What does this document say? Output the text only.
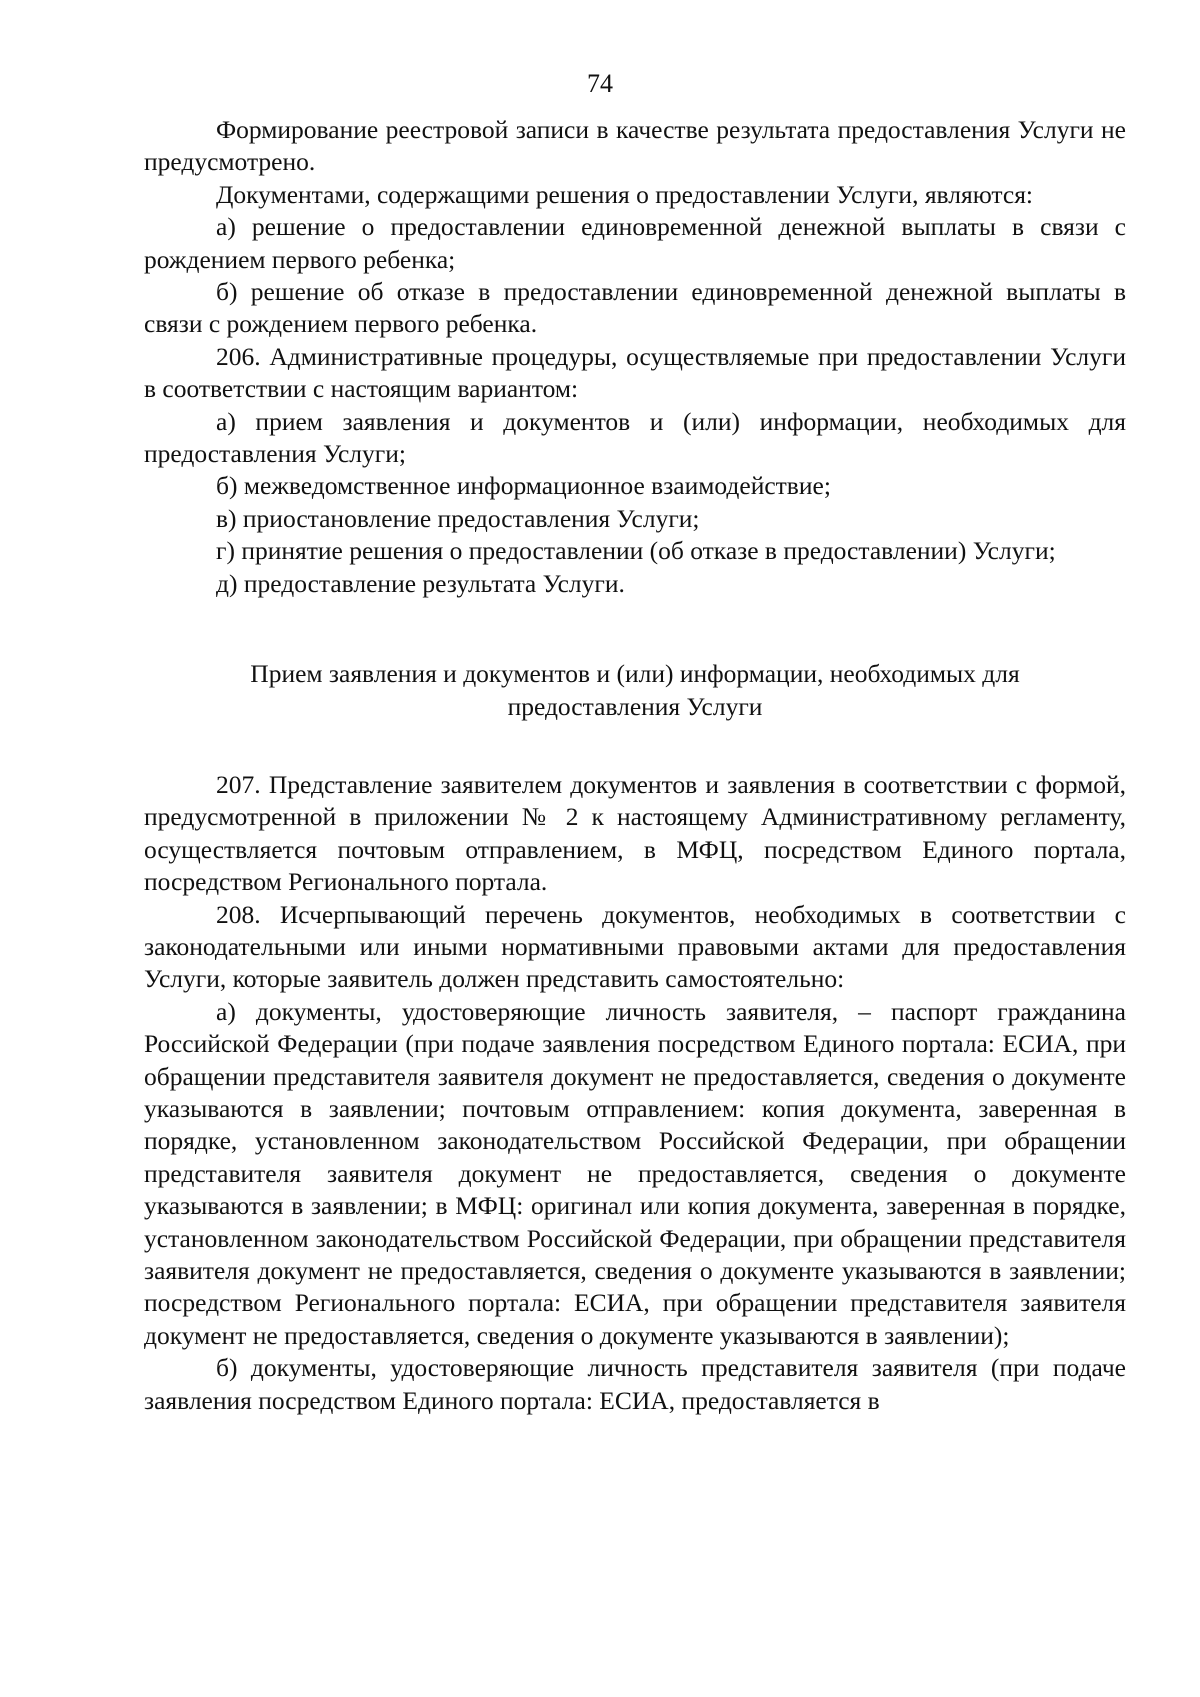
74

Формирование реестровой записи в качестве результата предоставления Услуги не предусмотрено.

Документами, содержащими решения о предоставлении Услуги, являются:

а) решение о предоставлении единовременной денежной выплаты в связи с рождением первого ребенка;

б) решение об отказе в предоставлении единовременной денежной выплаты в связи с рождением первого ребенка.

206. Административные процедуры, осуществляемые при предоставлении Услуги в соответствии с настоящим вариантом:

а) прием заявления и документов и (или) информации, необходимых для предоставления Услуги;

б) межведомственное информационное взаимодействие;

в) приостановление предоставления Услуги;

г) принятие решения о предоставлении (об отказе в предоставлении) Услуги;

д) предоставление результата Услуги.

Прием заявления и документов и (или) информации, необходимых для

предоставления Услуги

207. Представление заявителем документов и заявления в соответствии с формой, предусмотренной в приложении № 2 к настоящему Административному регламенту, осуществляется почтовым отправлением, в МФЦ, посредством Единого портала, посредством Регионального портала.

208. Исчерпывающий перечень документов, необходимых в соответствии с законодательными или иными нормативными правовыми актами для предоставления Услуги, которые заявитель должен представить самостоятельно:

а) документы, удостоверяющие личность заявителя, – паспорт гражданина Российской Федерации (при подаче заявления посредством Единого портала: ЕСИА, при обращении представителя заявителя документ не предоставляется, сведения о документе указываются в заявлении; почтовым отправлением: копия документа, заверенная в порядке, установленном законодательством Российской Федерации, при обращении представителя заявителя документ не предоставляется, сведения о документе указываются в заявлении; в МФЦ: оригинал или копия документа, заверенная в порядке, установленном законодательством Российской Федерации, при обращении представителя заявителя документ не предоставляется, сведения о документе указываются в заявлении; посредством Регионального портала: ЕСИА, при обращении представителя заявителя документ не предоставляется, сведения о документе указываются в заявлении);

б) документы, удостоверяющие личность представителя заявителя (при подаче заявления посредством Единого портала: ЕСИА, предоставляется в
